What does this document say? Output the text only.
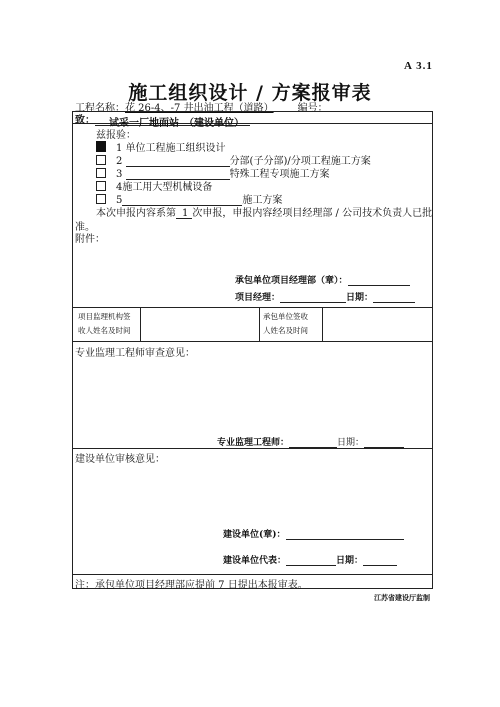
A 3.1
施工组织设计 / 方案报审表
工程名称：花 26-4、-7 井出油工程（道路） 编号：
致： 试采一厂地面站　 （建设单位）
兹报验：
1 单位工程施工组织设计
2	分部(子分部)/分项工程施工方案
3	特殊工程专项施工方案
4施工用大型机械设备
5	施工方案
本次申报内容系第 1 次申报，申报内容经项目经理部 / 公司技术负责人已批
准。
附件：
承包单位项目经理部（章）：
项目经理：	日期：
项目监理机构签
收人姓名及时间
承包单位签收
人姓名及时间
专业监理工程师审查意见：
专业监理工程师：	日期：
建设单位审核意见：
建设单位(章)：
建设单位代表：	日期：
注：承包单位项目经理部应提前 7 日提出本报审表。
江苏省建设厅监制
